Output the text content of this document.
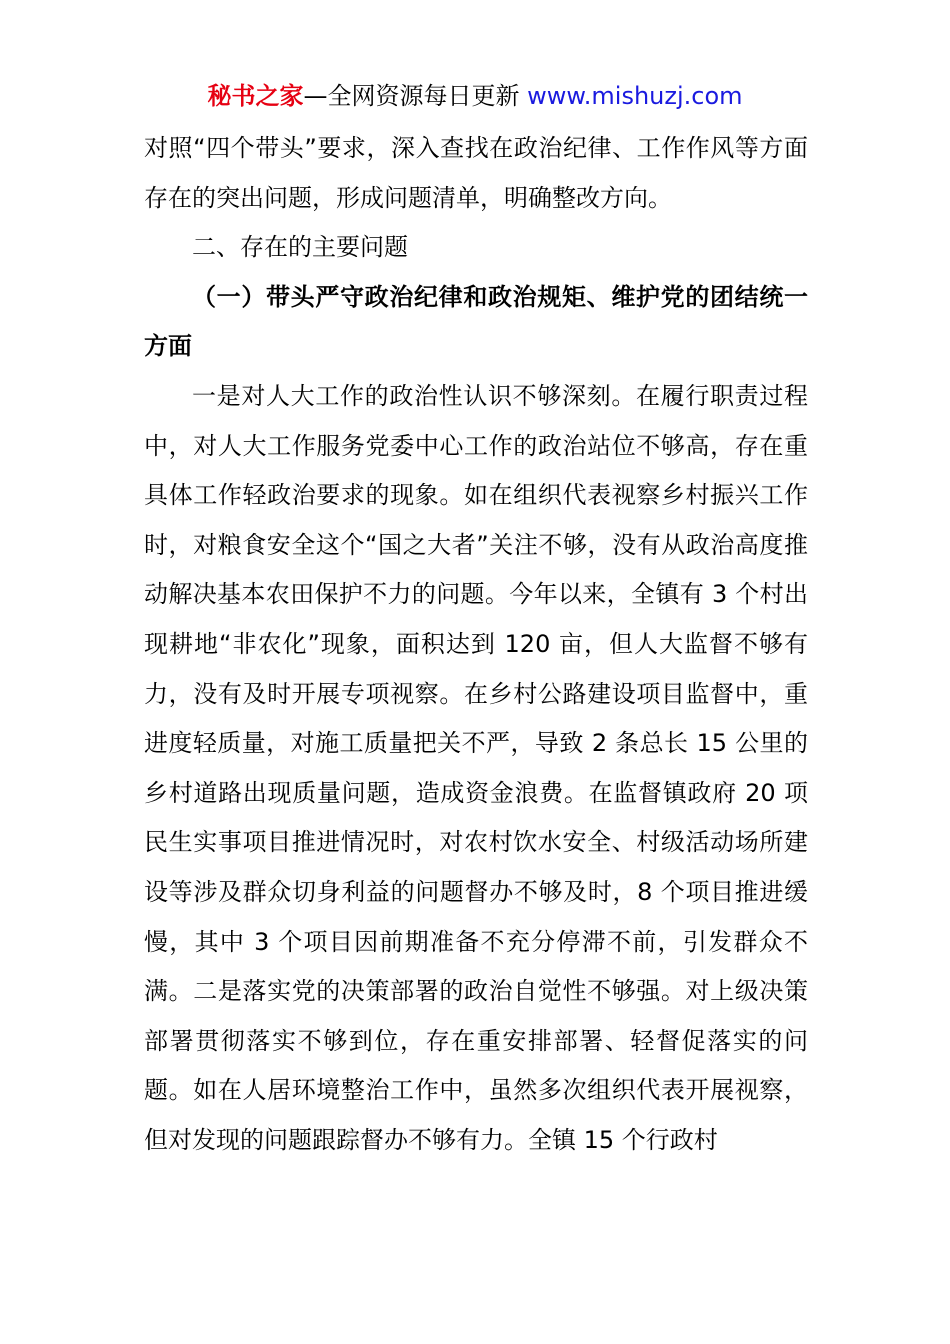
秘书之家—全网资源每日更新 www.mishuzj.com

对照“四个带头”要求，深入查找在政治纪律、工作作风等方面存在的突出问题，形成问题清单，明确整改方向。

二、存在的主要问题

（一）带头严守政治纪律和政治规矩、维护党的团结统一方面

一是对人大工作的政治性认识不够深刻。在履行职责过程中，对人大工作服务党委中心工作的政治站位不够高，存在重具体工作轻政治要求的现象。如在组织代表视察乡村振兴工作时，对粮食安全这个“国之大者”关注不够，没有从政治高度推动解决基本农田保护不力的问题。今年以来，全镇有 3 个村出现耕地“非农化”现象，面积达到 120 亩，但人大监督不够有力，没有及时开展专项视察。在乡村公路建设项目监督中，重进度轻质量，对施工质量把关不严，导致 2 条总长 15 公里的乡村道路出现质量问题，造成资金浪费。在监督镇政府 20 项民生实事项目推进情况时，对农村饮水安全、村级活动场所建设等涉及群众切身利益的问题督办不够及时，8 个项目推进缓慢，其中 3 个项目因前期准备不充分停滞不前，引发群众不满。二是落实党的决策部署的政治自觉性不够强。对上级决策部署贯彻落实不够到位，存在重安排部署、轻督促落实的问题。如在人居环境整治工作中，虽然多次组织代表开展视察，但对发现的问题跟踪督办不够有力。全镇 15 个行政村
